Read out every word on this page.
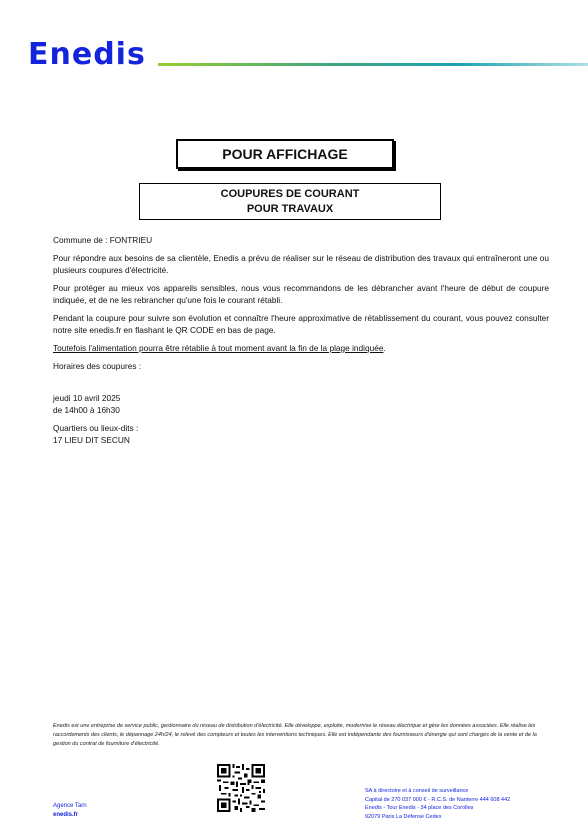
Enedis
POUR AFFICHAGE
COUPURES DE COURANT
POUR TRAVAUX

Commune de : FONTRIEU

Pour répondre aux besoins de sa clientèle, Enedis a prévu de réaliser sur le réseau de distribution des travaux qui entraîneront une ou plusieurs coupures d'électricité.

Pour protéger au mieux vos appareils sensibles, nous vous recommandons de les débrancher avant l'heure de début de coupure indiquée, et de ne les rebrancher qu'une fois le courant rétabli.

Pendant la coupure pour suivre son évolution et connaître l'heure approximative de rétablissement du courant, vous pouvez consulter notre site enedis.fr en flashant le QR CODE en bas de page.

Toutefois l'alimentation pourra être rétablie à tout moment avant la fin de la plage indiquée.

Horaires des coupures :

jeudi 10 avril 2025

de 14h00 à 16h30

Quartiers ou lieux-dits :

17 LIEU DIT SECUN

Enedis est une entreprise de service public, gestionnaire du réseau de distribution d'électricité. Elle développe, exploite, modernise le réseau électrique et gère les données associées. Elle réalise les raccordements des clients, le dépannage 24h/24, le relevé des compteurs et toutes les interventions techniques. Elle est indépendante des fournisseurs d'énergie qui sont chargés de la vente et de la gestion du contrat de fourniture d'électricité.
Agence Tarn
enedis.fr
SA à directoire et à conseil de surveillance
Capital de 270 037 000 € - R.C.S. de Nanterre 444 608 442
Enedis - Tour Enedis - 34 place des Corolles
92079 Paris La Défense Cedex
